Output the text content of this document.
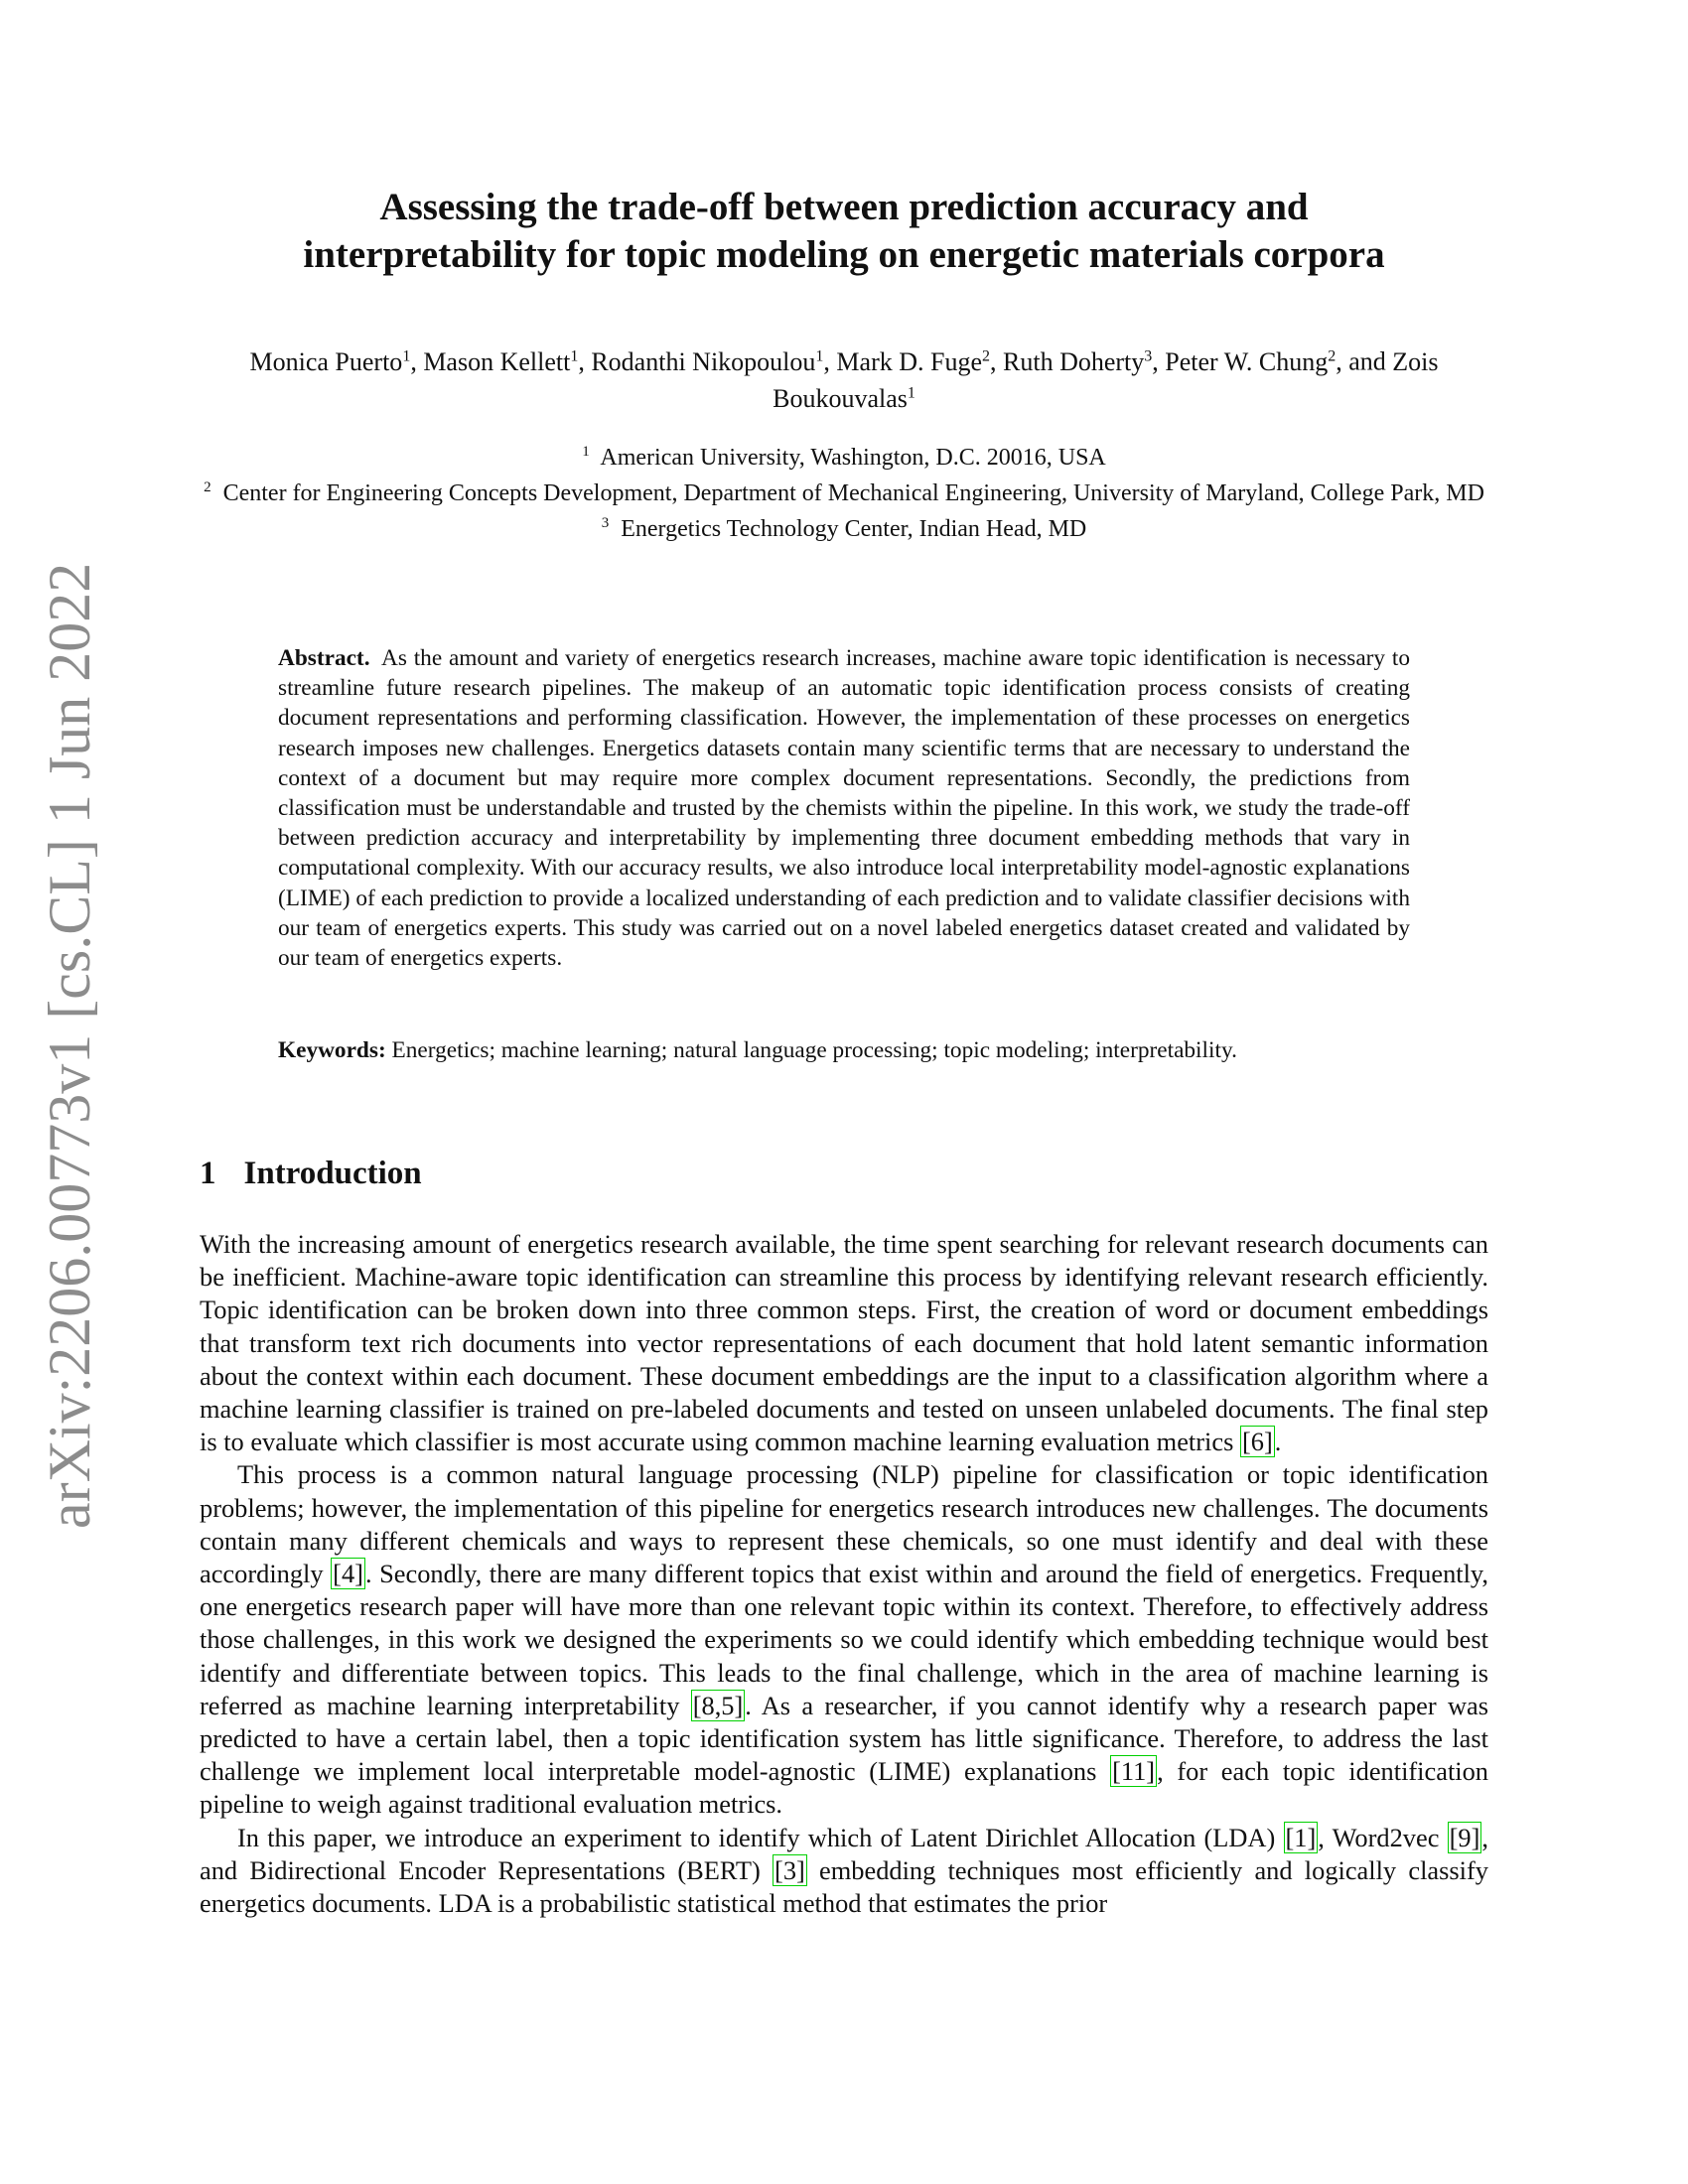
arXiv:2206.00773v1 [cs.CL] 1 Jun 2022
Assessing the trade-off between prediction accuracy and
interpretability for topic modeling on energetic materials corpora
Monica Puerto$^1$, Mason Kellett$^1$, Rodanthi Nikopoulou$^1$, Mark D. Fuge$^2$, Ruth Doherty$^3$, Peter W. Chung$^2$, and Zois Boukouvalas$^1$
$^1$ American University, Washington, D.C. 20016, USA
$^2$ Center for Engineering Concepts Development, Department of Mechanical Engineering, University of Maryland, College Park, MD
$^3$ Energetics Technology Center, Indian Head, MD
Abstract. As the amount and variety of energetics research increases, machine aware topic identification is necessary to streamline future research pipelines. The makeup of an automatic topic identification process consists of creating document representations and performing classification. However, the implementation of these processes on energetics research imposes new challenges. Energetics datasets contain many scientific terms that are necessary to understand the context of a document but may require more complex document representations. Secondly, the predictions from classification must be understandable and trusted by the chemists within the pipeline. In this work, we study the trade-off between prediction accuracy and interpretability by implementing three document embedding methods that vary in computational complexity. With our accuracy results, we also introduce local interpretability model-agnostic explanations (LIME) of each prediction to provide a localized understanding of each prediction and to validate classifier decisions with our team of energetics experts. This study was carried out on a novel labeled energetics dataset created and validated by our team of energetics experts.
Keywords: Energetics; machine learning; natural language processing; topic modeling; interpretability.
1 Introduction

With the increasing amount of energetics research available, the time spent searching for relevant research documents can be inefficient. Machine-aware topic identification can streamline this process by identifying relevant research efficiently. Topic identification can be broken down into three common steps. First, the creation of word or document embeddings that transform text rich documents into vector representations of each document that hold latent semantic information about the context within each document. These document embeddings are the input to a classification algorithm where a machine learning classifier is trained on pre-labeled documents and tested on unseen unlabeled documents. The final step is to evaluate which classifier is most accurate using common machine learning evaluation metrics [6].

This process is a common natural language processing (NLP) pipeline for classification or topic identification problems; however, the implementation of this pipeline for energetics research introduces new challenges. The documents contain many different chemicals and ways to represent these chemicals, so one must identify and deal with these accordingly [4]. Secondly, there are many different topics that exist within and around the field of energetics. Frequently, one energetics research paper will have more than one relevant topic within its context. Therefore, to effectively address those challenges, in this work we designed the experiments so we could identify which embedding technique would best identify and differentiate between topics. This leads to the final challenge, which in the area of machine learning is referred as machine learning interpretability [8,5]. As a researcher, if you cannot identify why a research paper was predicted to have a certain label, then a topic identification system has little significance. Therefore, to address the last challenge we implement local interpretable model-agnostic (LIME) explanations [11], for each topic identification pipeline to weigh against traditional evaluation metrics.

In this paper, we introduce an experiment to identify which of Latent Dirichlet Allocation (LDA) [1], Word2vec [9], and Bidirectional Encoder Representations (BERT) [3] embedding techniques most efficiently and logically classify energetics documents. LDA is a probabilistic statistical method that estimates the prior
